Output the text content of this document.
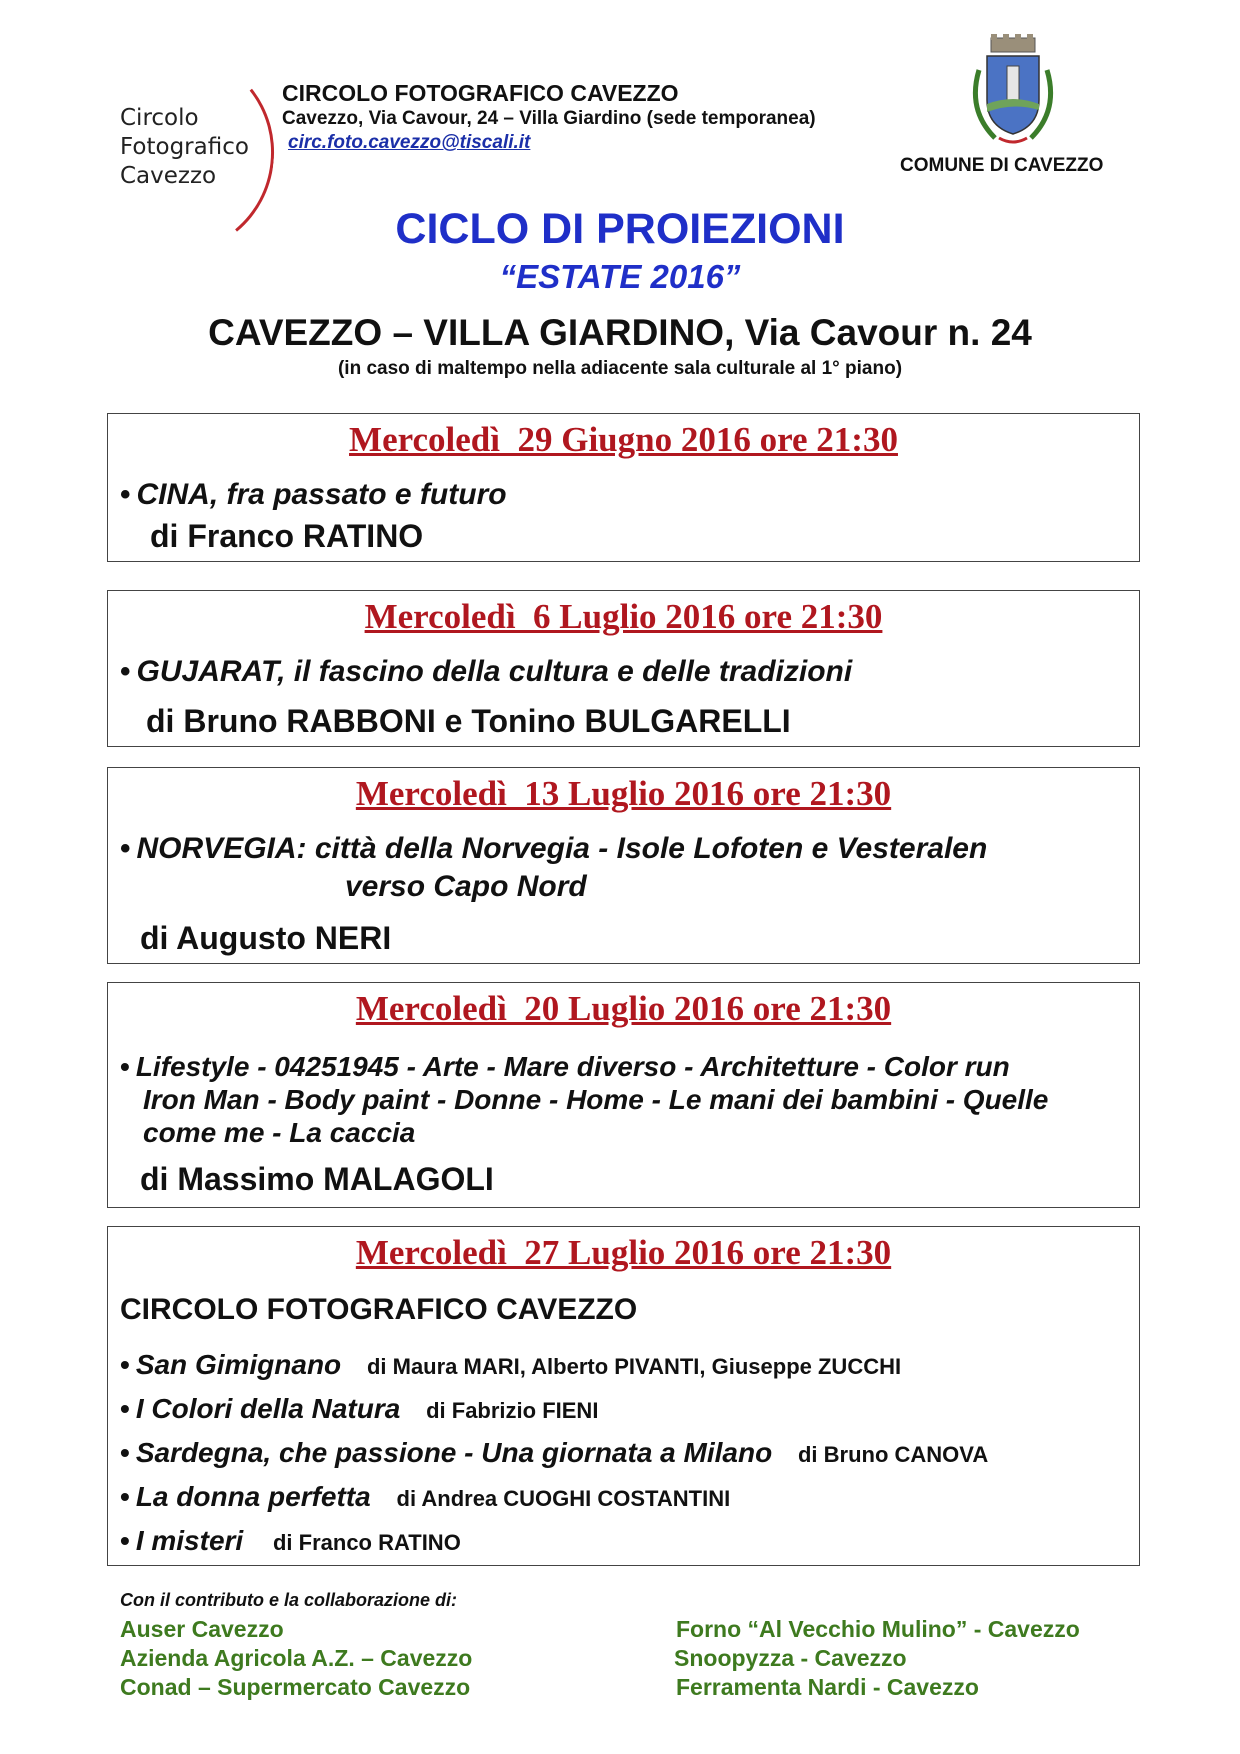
Circolo
Fotografico
Cavezzo
CIRCOLO FOTOGRAFICO CAVEZZO
Cavezzo, Via Cavour, 24 – Villa Giardino (sede temporanea)
circ.foto.cavezzo@tiscali.it
COMUNE DI CAVEZZO
CICLO DI PROIEZIONI
“ESTATE 2016”
CAVEZZO – VILLA GIARDINO, Via Cavour n. 24
(in caso di maltempo nella adiacente sala culturale al 1° piano)
Mercoledì  29 Giugno 2016 ore 21:30
• CINA, fra passato e futuro
di Franco RATINO
Mercoledì  6 Luglio 2016 ore 21:30
• GUJARAT, il fascino della cultura e delle tradizioni
di Bruno RABBONI e Tonino BULGARELLI
Mercoledì  13 Luglio 2016 ore 21:30
• NORVEGIA: città della Norvegia - Isole Lofoten e Vesteralen
verso Capo Nord
di Augusto NERI
Mercoledì  20 Luglio 2016 ore 21:30
• Lifestyle - 04251945 - Arte - Mare diverso - Architetture - Color run
Iron Man - Body paint - Donne - Home - Le mani dei bambini - Quelle
come me - La caccia
di Massimo MALAGOLI
Mercoledì  27 Luglio 2016 ore 21:30
CIRCOLO FOTOGRAFICO CAVEZZO
• San Gimignano di Maura MARI, Alberto PIVANTI, Giuseppe ZUCCHI
• I Colori della Natura di Fabrizio FIENI
• Sardegna, che passione - Una giornata a Milano di Bruno CANOVA
• La donna perfetta di Andrea CUOGHI COSTANTINI
• I misteri di Franco RATINO
Con il contributo e la collaborazione di:
Auser Cavezzo
Azienda Agricola A.Z. – Cavezzo
Conad – Supermercato Cavezzo
Forno “Al Vecchio Mulino” - Cavezzo
Snoopyzza - Cavezzo
Ferramenta Nardi - Cavezzo
